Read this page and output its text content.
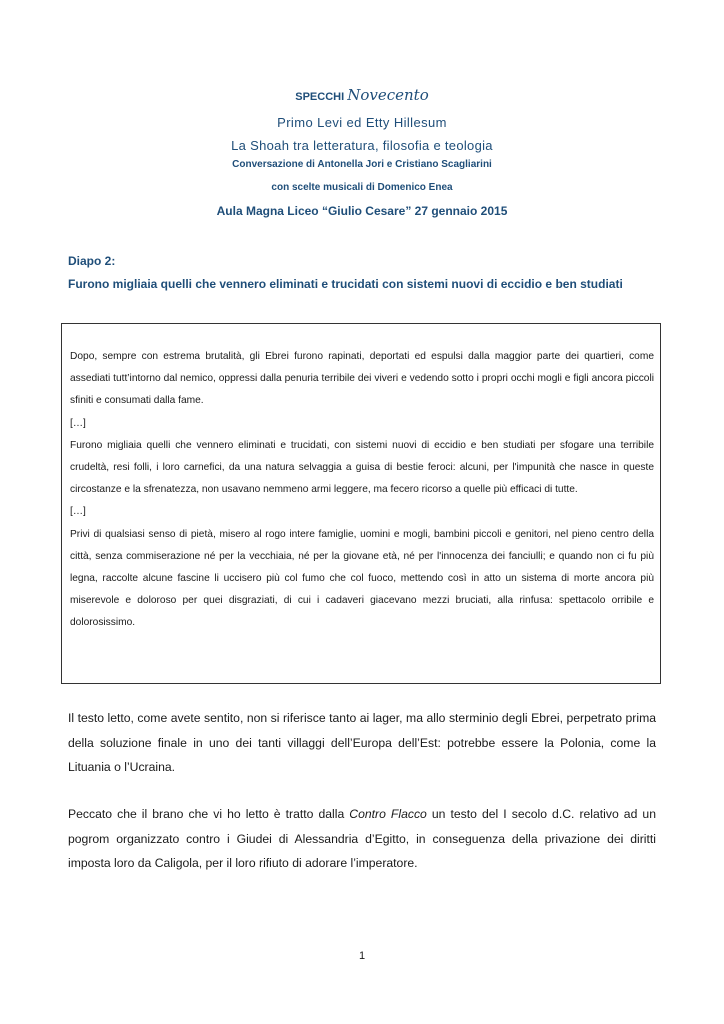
SPECCHI Novecento
Primo Levi ed Etty Hillesum
La Shoah tra letteratura, filosofia e teologia
Conversazione di Antonella Jori e Cristiano Scagliarini
con scelte musicali di Domenico Enea
Aula Magna Liceo “Giulio Cesare” 27 gennaio 2015
Diapo 2:
Furono migliaia quelli che vennero eliminati e trucidati con sistemi nuovi di eccidio e ben studiati

Dopo, sempre con estrema brutalità, gli Ebrei furono rapinati, deportati ed espulsi dalla maggior parte dei quartieri, come assediati tutt’intorno dal nemico, oppressi dalla penuria terribile dei viveri e vedendo sotto i propri occhi mogli e figli ancora piccoli sfiniti e consumati dalla fame.

[…]

Furono migliaia quelli che vennero eliminati e trucidati, con sistemi nuovi di eccidio e ben studiati per sfogare una terribile crudeltà, resi folli, i loro carnefici, da una natura selvaggia a guisa di bestie feroci: alcuni, per l'impunità che nasce in queste circostanze e la sfrenatezza, non usavano nemmeno armi leggere, ma fecero ricorso a quelle più efficaci di tutte.

[…]

Privi di qualsiasi senso di pietà, misero al rogo intere famiglie, uomini e mogli, bambini piccoli e genitori, nel pieno centro della città, senza commiserazione né per la vecchiaia, né per la giovane età, né per l'innocenza dei fanciulli; e quando non ci fu più legna, raccolte alcune fascine li uccisero più col fumo che col fuoco, mettendo così in atto un sistema di morte ancora più miserevole e doloroso per quei disgraziati, di cui i cadaveri giacevano mezzi bruciati, alla rinfusa: spettacolo orribile e dolorosissimo.

Il testo letto, come avete sentito, non si riferisce tanto ai lager, ma allo sterminio degli Ebrei, perpetrato prima della soluzione finale in uno dei tanti villaggi dell’Europa dell’Est: potrebbe essere la Polonia, come la Lituania o l’Ucraina.

Peccato che il brano che vi ho letto è tratto dalla Contro Flacco un testo del I secolo d.C. relativo ad un pogrom organizzato contro i Giudei di Alessandria d’Egitto, in conseguenza della privazione dei diritti imposta loro da Caligola, per il loro rifiuto di adorare l’imperatore.

1
